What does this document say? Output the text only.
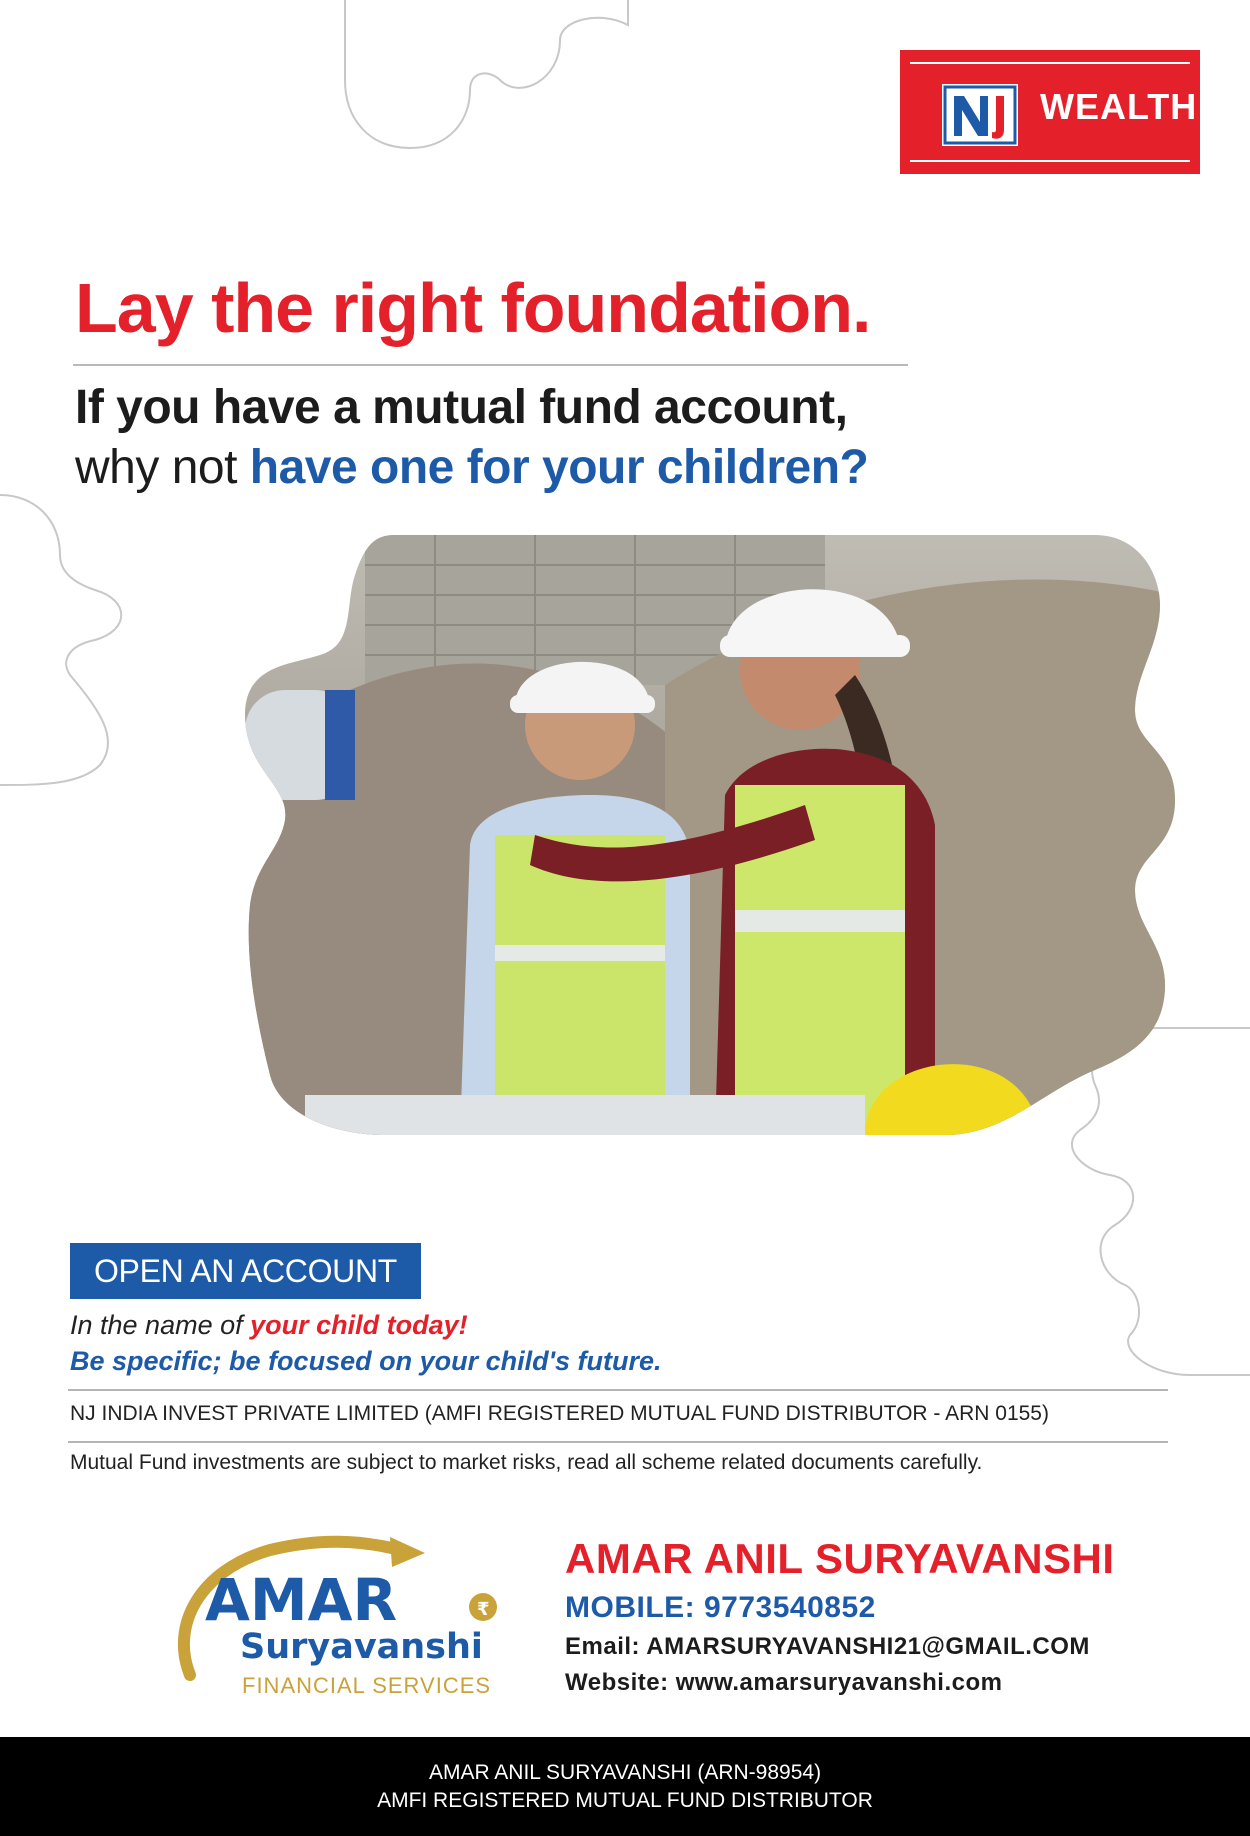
WEALTH
Lay the right foundation.
If you have a mutual fund account,
why not have one for your children?
OPEN AN ACCOUNT
In the name of your child today!
Be specific; be focused on your child's future.
NJ INDIA INVEST PRIVATE LIMITED (AMFI REGISTERED MUTUAL FUND DISTRIBUTOR - ARN 0155)
Mutual Fund investments are subject to market risks, read all scheme related documents carefully.
AMAR
Suryavanshi
FINANCIAL SERVICES
₹
AMAR ANIL SURYAVANSHI
MOBILE: 9773540852
Email: AMARSURYAVANSHI21@GMAIL.COM
Website: www.amarsuryavanshi.com
AMAR ANIL SURYAVANSHI (ARN-98954)
AMFI REGISTERED MUTUAL FUND DISTRIBUTOR
